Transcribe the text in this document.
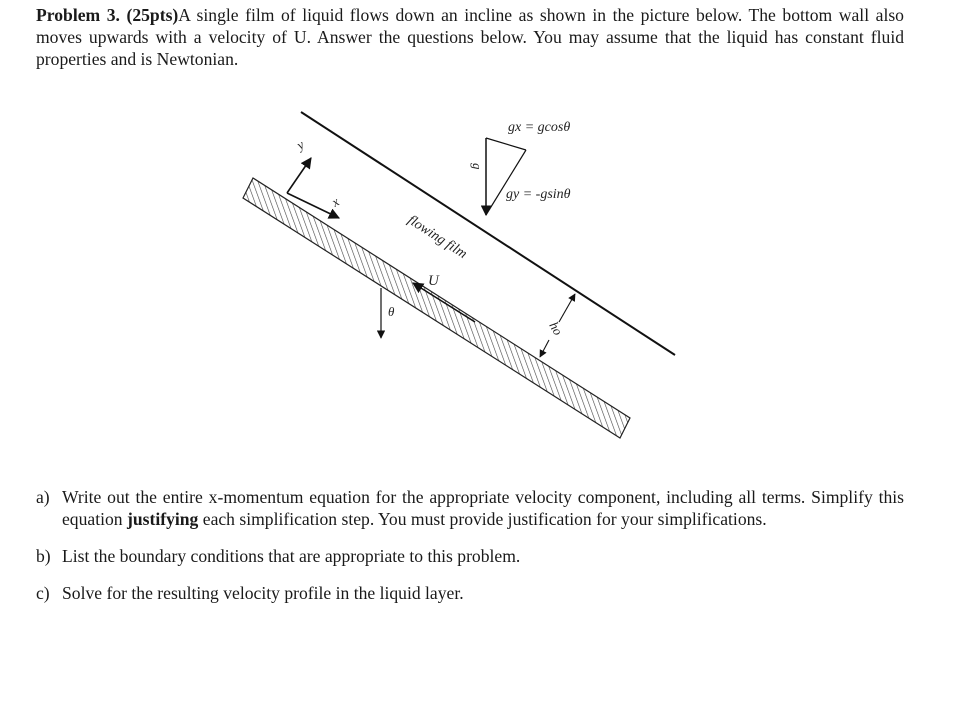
Problem 3. (25pts)A single film of liquid flows down an incline as shown in the picture below. The bottom wall also moves upwards with a velocity of U. Answer the questions below. You may assume that the liquid has constant fluid properties and is Newtonian.

y
x
g
gx = gcosθ
gy = -gsinθ
flowing film
U
θ
ho
a) Write out the entire x-momentum equation for the appropriate velocity component, including all terms. Simplify this equation justifying each simplification step. You must provide justification for your simplifications.
b) List the boundary conditions that are appropriate to this problem.
c) Solve for the resulting velocity profile in the liquid layer.
